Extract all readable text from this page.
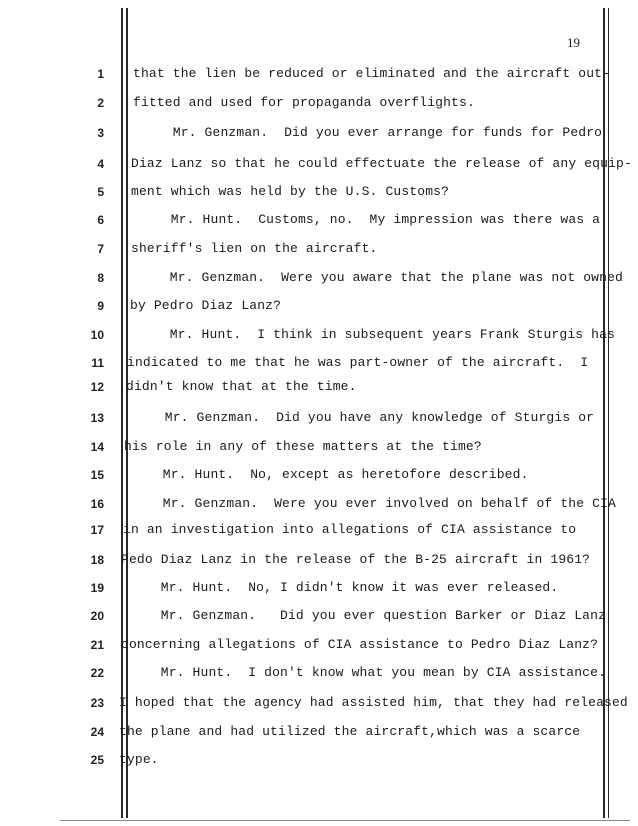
19
1 that the lien be reduced or eliminated and the aircraft out-
2 fitted and used for propaganda overflights.
3 Mr. Genzman.  Did you ever arrange for funds for Pedro
4 Diaz Lanz so that he could effectuate the release of any equip-
5 ment which was held by the U.S. Customs?
6 Mr. Hunt.  Customs, no.  My impression was there was a
7 sheriff's lien on the aircraft.
8 Mr. Genzman.  Were you aware that the plane was not owned
9 by Pedro Diaz Lanz?
10 Mr. Hunt.  I think in subsequent years Frank Sturgis has
11 indicated to me that he was part-owner of the aircraft.  I
12 didn't know that at the time.
13 Mr. Genzman.  Did you have any knowledge of Sturgis or
14 his role in any of these matters at the time?
15 Mr. Hunt.  No, except as heretofore described.
16 Mr. Genzman.  Were you ever involved on behalf of the CIA
17 in an investigation into allegations of CIA assistance to
18 Pedo Diaz Lanz in the release of the B-25 aircraft in 1961?
19 Mr. Hunt.  No, I didn't know it was ever released.
20 Mr. Genzman.   Did you ever question Barker or Diaz Lanz
21 concerning allegations of CIA assistance to Pedro Diaz Lanz?
22 Mr. Hunt.  I don't know what you mean by CIA assistance.
23 I hoped that the agency had assisted him, that they had released
24 the plane and had utilized the aircraft,which was a scarce
25 type.
